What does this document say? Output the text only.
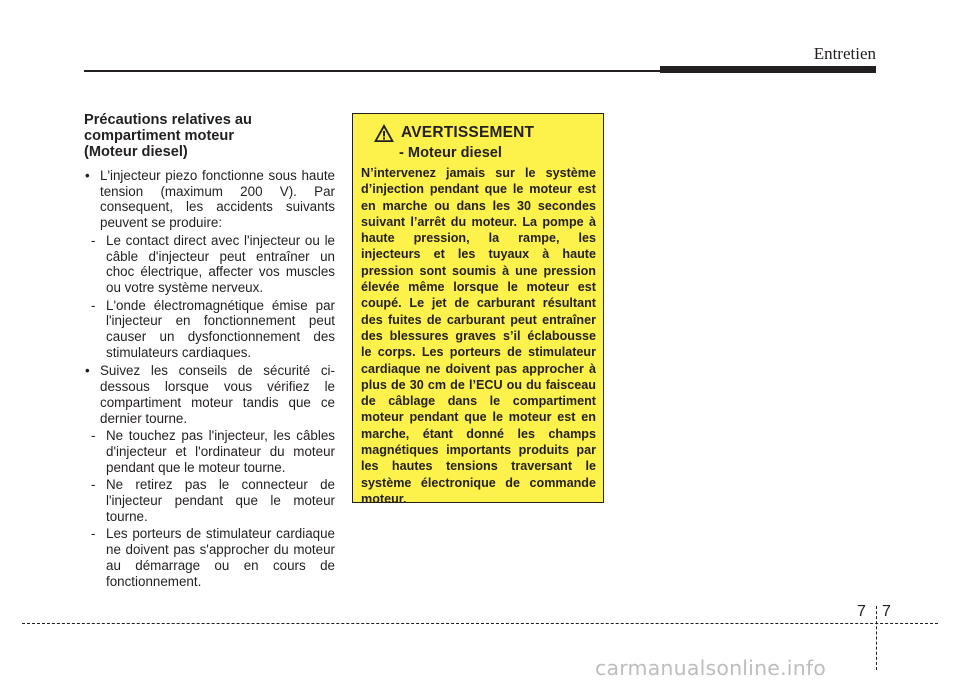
Entretien
Précautions relatives au
compartiment moteur
(Moteur diesel)

• L'injecteur piezo fonctionne sous haute tension (maximum 200 V). Par consequent, les accidents suivants peuvent se produire:

- Le contact direct avec l'injecteur ou le câble d'injecteur peut entraîner un choc électrique, affecter vos muscles ou votre système nerveux.

- L'onde électromagnétique émise par l'injecteur en fonctionnement peut causer un dysfonctionnement des stimulateurs cardiaques.

• Suivez les conseils de sécurité ci-dessous lorsque vous vérifiez le compartiment moteur tandis que ce dernier tourne.

- Ne touchez pas l'injecteur, les câbles d'injecteur et l'ordinateur du moteur pendant que le moteur tourne.

- Ne retirez pas le connecteur de l'injecteur pendant que le moteur tourne.

- Les porteurs de stimulateur cardiaque ne doivent pas s'approcher du moteur au démarrage ou en cours de fonctionnement.

AVERTISSEMENT
- Moteur diesel

N’intervenez jamais sur le système d’injection pendant que le moteur est en marche ou dans les 30 secondes suivant l’arrêt du moteur. La pompe à haute pression, la rampe, les injecteurs et les tuyaux à haute pression sont soumis à une pression élevée même lorsque le moteur est coupé. Le jet de carburant résultant des fuites de carburant peut entraîner des blessures graves s’il éclabousse le corps. Les porteurs de stimulateur cardiaque ne doivent pas approcher à plus de 30 cm de l’ECU ou du faisceau de câblage dans le compartiment moteur pendant que le moteur est en marche, étant donné les champs magnétiques importants produits par les hautes tensions traversant le système électronique de commande moteur.

7 7
carmanualsonline.info
